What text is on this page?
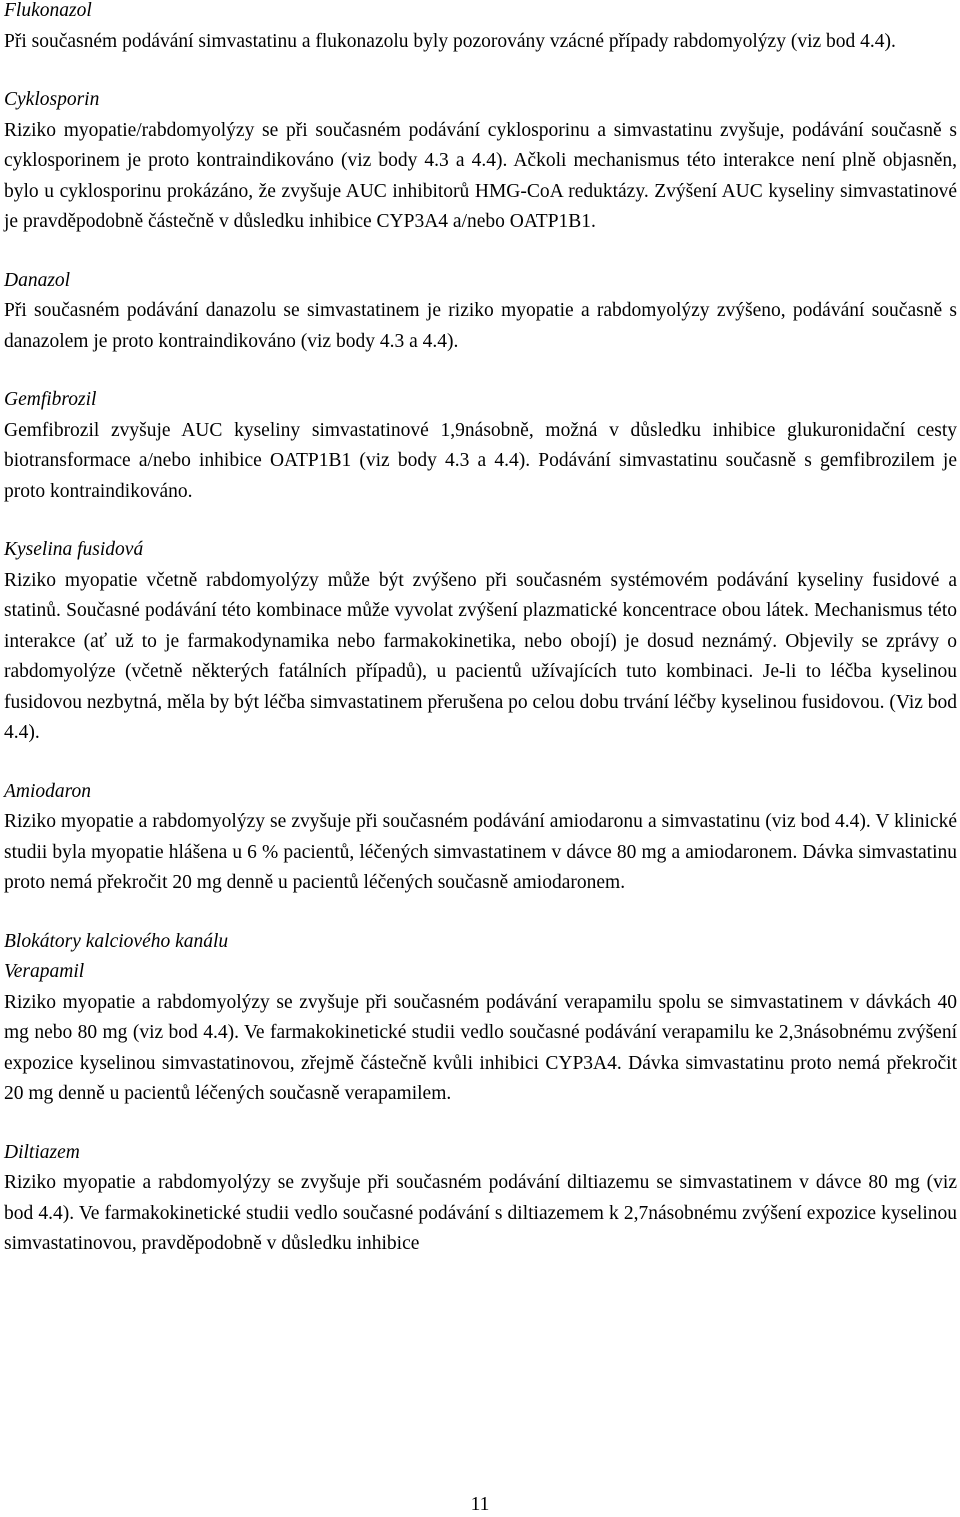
Flukonazol

Při současném podávání simvastatinu a flukonazolu byly pozorovány vzácné případy rabdomyolýzy (viz bod 4.4).

Cyklosporin

Riziko myopatie/rabdomyolýzy se při současném podávání cyklosporinu a simvastatinu zvyšuje, podávání současně s cyklosporinem je proto kontraindikováno (viz body 4.3 a 4.4). Ačkoli mechanismus této interakce není plně objasněn, bylo u cyklosporinu prokázáno, že zvyšuje AUC inhibitorů HMG-CoA reduktázy. Zvýšení AUC kyseliny simvastatinové je pravděpodobně částečně v důsledku inhibice CYP3A4 a/nebo OATP1B1.

Danazol

Při současném podávání danazolu se simvastatinem je riziko myopatie a rabdomyolýzy zvýšeno, podávání současně s danazolem je proto kontraindikováno (viz body 4.3 a 4.4).

Gemfibrozil

Gemfibrozil zvyšuje AUC kyseliny simvastatinové 1,9násobně, možná v důsledku inhibice glukuronidační cesty biotransformace a/nebo inhibice OATP1B1 (viz body 4.3 a 4.4). Podávání simvastatinu současně s gemfibrozilem je proto kontraindikováno.

Kyselina fusidová

Riziko myopatie včetně rabdomyolýzy může být zvýšeno při současném systémovém podávání kyseliny fusidové a statinů. Současné podávání této kombinace může vyvolat zvýšení plazmatické koncentrace obou látek. Mechanismus této interakce (ať už to je farmakodynamika nebo farmakokinetika, nebo obojí) je dosud neznámý. Objevily se zprávy o rabdomyolýze (včetně některých fatálních případů), u pacientů užívajících tuto kombinaci. Je-li to léčba kyselinou fusidovou nezbytná, měla by být léčba simvastatinem přerušena po celou dobu trvání léčby kyselinou fusidovou. (Viz bod 4.4).

Amiodaron

Riziko myopatie a rabdomyolýzy se zvyšuje při současném podávání amiodaronu a simvastatinu (viz bod 4.4). V klinické studii byla myopatie hlášena u 6 % pacientů, léčených simvastatinem v dávce 80 mg a amiodaronem. Dávka simvastatinu proto nemá překročit 20 mg denně u pacientů léčených současně amiodaronem.

Blokátory kalciového kanálu

Verapamil

Riziko myopatie a rabdomyolýzy se zvyšuje při současném podávání verapamilu spolu se simvastatinem v dávkách 40 mg nebo 80 mg (viz bod 4.4). Ve farmakokinetické studii vedlo současné podávání verapamilu ke 2,3násobnému zvýšení expozice kyselinou simvastatinovou, zřejmě částečně kvůli inhibici CYP3A4. Dávka simvastatinu proto nemá překročit 20 mg denně u pacientů léčených současně verapamilem.

Diltiazem

Riziko myopatie a rabdomyolýzy se zvyšuje při současném podávání diltiazemu se simvastatinem v dávce 80 mg (viz bod 4.4). Ve farmakokinetické studii vedlo současné podávání s diltiazemem k 2,7násobnému zvýšení expozice kyselinou simvastatinovou, pravděpodobně v důsledku inhibice

11
